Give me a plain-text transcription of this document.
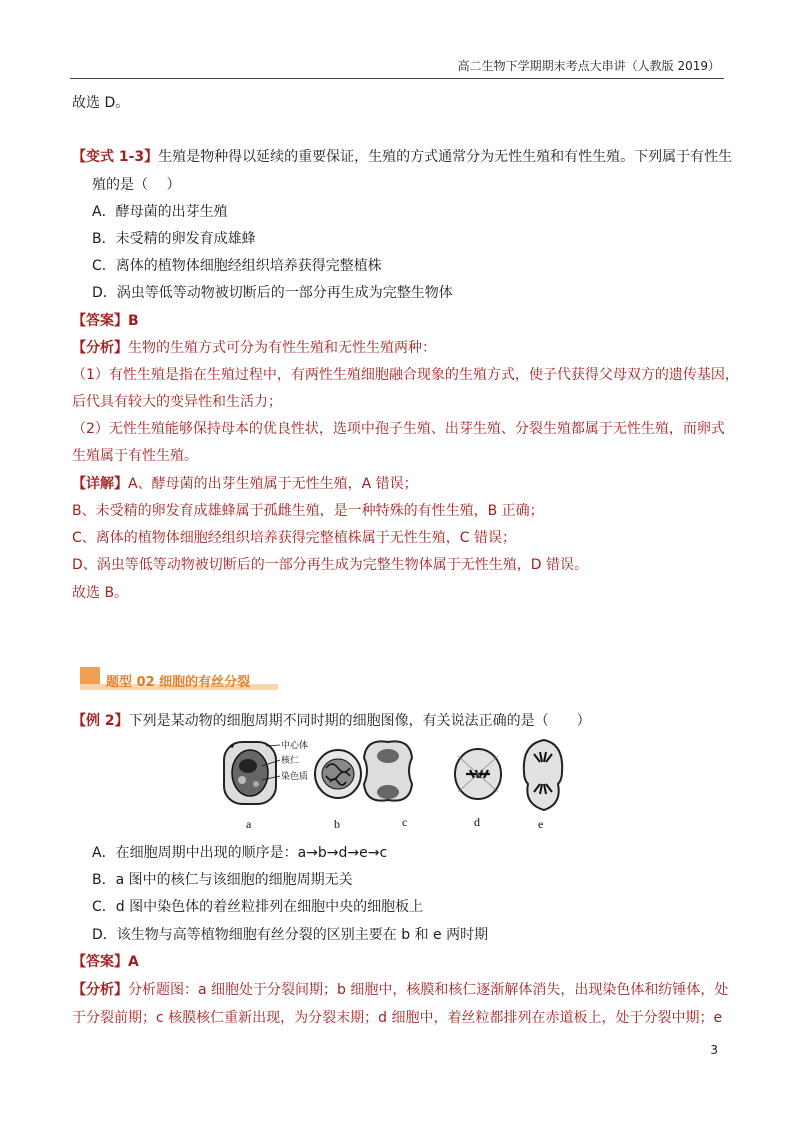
高二生物下学期期末考点大串讲（人教版 2019）
故选 D。
【变式 1-3】生殖是物种得以延续的重要保证，生殖的方式通常分为无性生殖和有性生殖。下列属于有性生
殖的是（　 ）
A．酵母菌的出芽生殖
B．未受精的卵发育成雄蜂
C．离体的植物体细胞经组织培养获得完整植株
D．涡虫等低等动物被切断后的一部分再生成为完整生物体
【答案】B
【分析】生物的生殖方式可分为有性生殖和无性生殖两种：
（1）有性生殖是指在生殖过程中，有两性生殖细胞融合现象的生殖方式，使子代获得父母双方的遗传基因，
后代具有较大的变异性和生活力；
（2）无性生殖能够保持母本的优良性状，选项中孢子生殖、出芽生殖、分裂生殖都属于无性生殖，而卵式
生殖属于有性生殖。
【详解】A、酵母菌的出芽生殖属于无性生殖，A 错误；
B、未受精的卵发育成雄蜂属于孤雌生殖，是一种特殊的有性生殖，B 正确；
C、离体的植物体细胞经组织培养获得完整植株属于无性生殖，C 错误；
D、涡虫等低等动物被切断后的一部分再生成为完整生物体属于无性生殖，D 错误。
故选 B。
题型 02 细胞的有丝分裂
【例 2】下列是某动物的细胞周期不同时期的细胞图像，有关说法正确的是（　　）
中心体
核仁
染色质
a	b	c	d	e
A．在细胞周期中出现的顺序是：a→b→d→e→c
B．a 图中的核仁与该细胞的细胞周期无关
C．d 图中染色体的着丝粒排列在细胞中央的细胞板上
D．该生物与高等植物细胞有丝分裂的区别主要在 b 和 e 两时期
【答案】A
【分析】分析题图：a 细胞处于分裂间期；b 细胞中，核膜和核仁逐渐解体消失，出现染色体和纺锤体，处
于分裂前期；c 核膜核仁重新出现，为分裂末期；d 细胞中，着丝粒都排列在赤道板上，处于分裂中期；e
3
